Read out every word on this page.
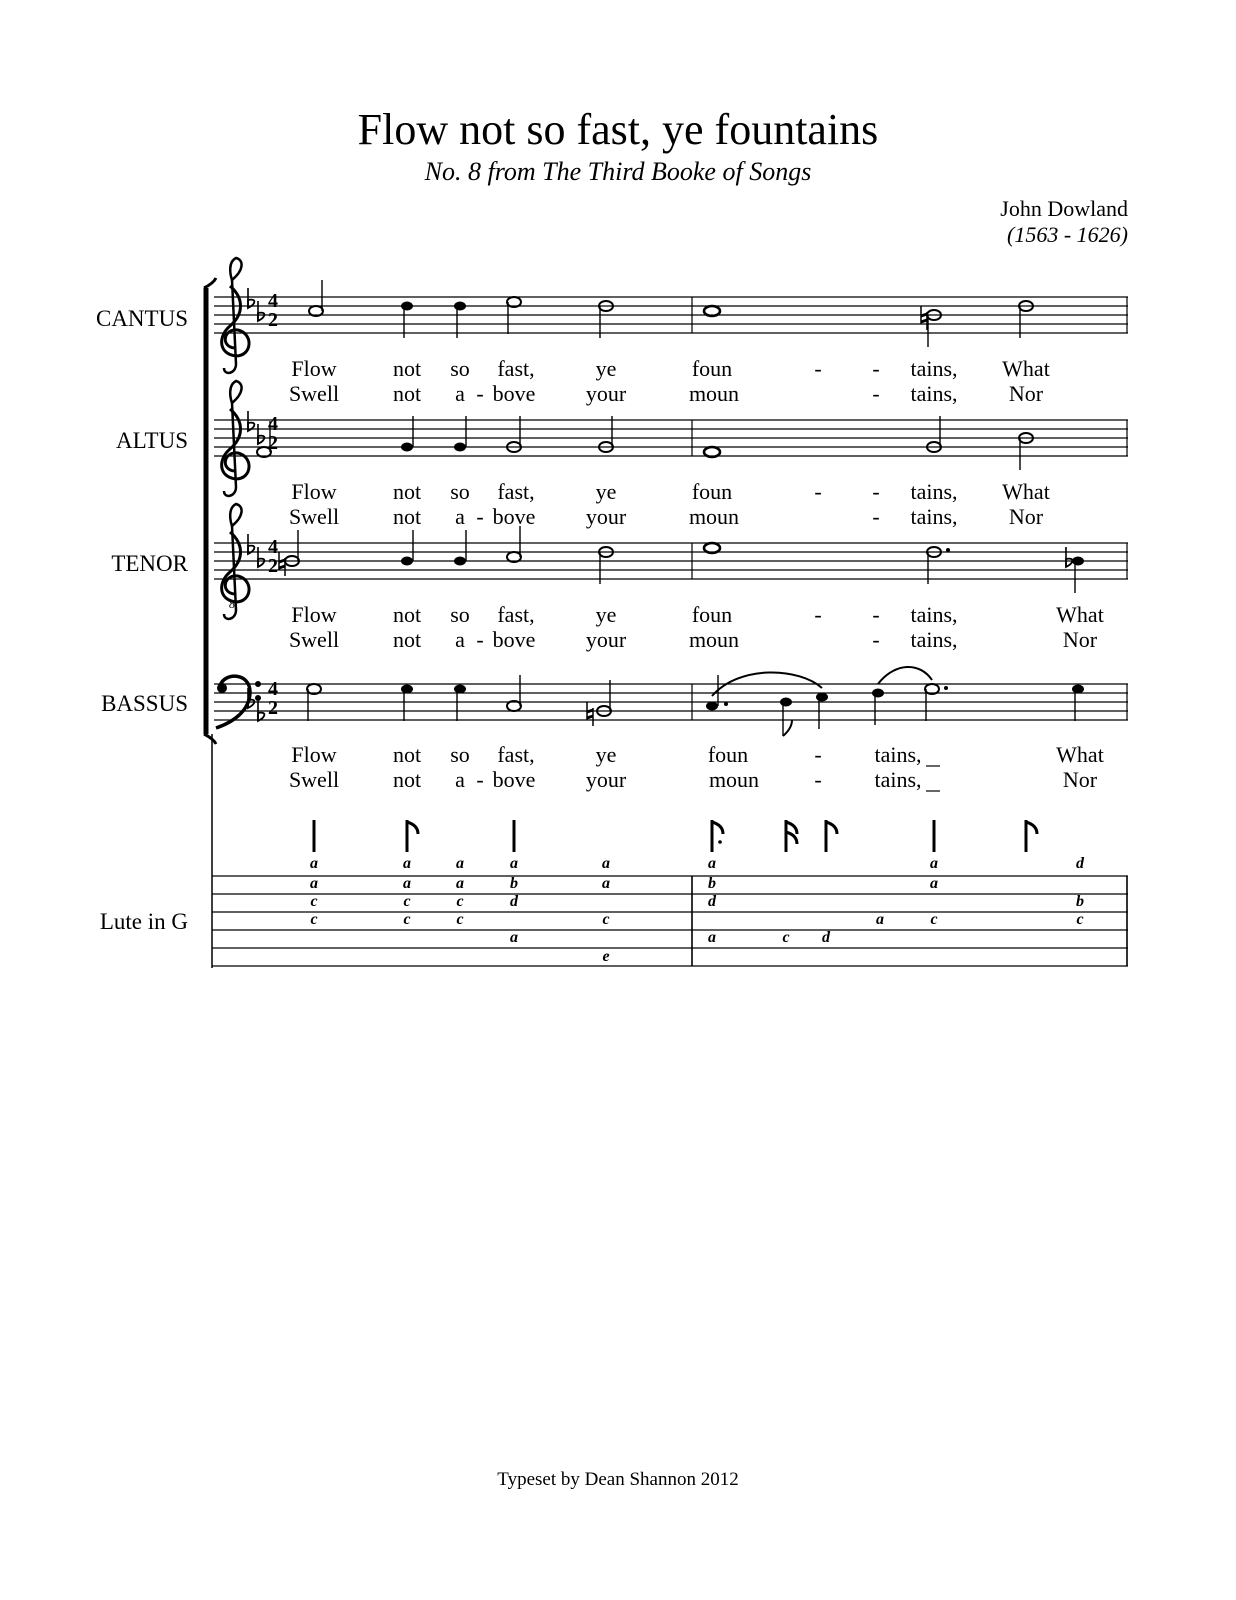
Flow not so fast, ye fountains
No. 8 from The Third Booke of Songs
John Dowland
(1563 - 1626)
CANTUS
4
2
Flow	not so fast,	ye	foun	- - tains, What
Swell not a - bove your	moun	- tains, Nor
ALTUS
4
2
Flow	not so fast,	ye	foun	- - tains, What
Swell not a - bove your	moun	- tains, Nor
TENOR
8
4
2
Flow	not so fast,	ye	foun	- - tains,	What
Swell not a - bove your	moun	- tains,	Nor
BASSUS
4
2
Flow	not so fast,	ye	foun	- tains,	What
Swell not a - bove your	moun	- tains,	Nor
Lute in G
a
a
c
c
a
a
c
c
a
a
c
c
a
b
d
a
a
a
c
e
a
b
d
a	c d
a
a
a
c
d
b
c
Typeset by Dean Shannon 2012
